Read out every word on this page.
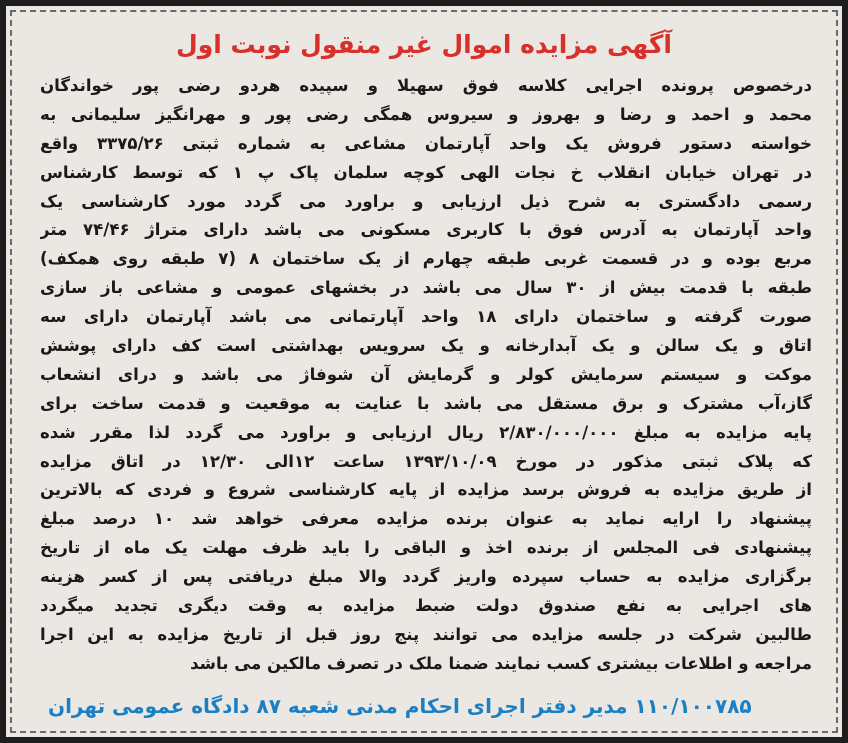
آگهی مزایده اموال غیر منقول نوبت اول
درخصوص پرونده اجرایی کلاسه فوق سهیلا و سپیده هردو رضی پور خواندگان
محمد و احمد و رضا و بهروز و سیروس همگی رضی پور و مهرانگیز سلیمانی به
خواسته دستور فروش یک واحد آپارتمان مشاعی به شماره ثبتی ۳۳۷۵/۲۶ واقع
در تهران خیابان انقلاب خ نجات الهی کوچه سلمان پاک پ ۱ که توسط کارشناس
رسمی دادگستری به شرح ذیل ارزیابی و براورد می گردد مورد کارشناسی یک
واحد آپارتمان به آدرس فوق با کاربری مسکونی می باشد دارای متراژ ۷۴/۴۶ متر
مربع بوده و در قسمت غربی طبقه چهارم از یک ساختمان ۸ (۷ طبقه روی همکف)
طبقه با قدمت بیش از ۳۰ سال می باشد در بخشهای عمومی و مشاعی باز سازی
صورت گرفته و ساختمان دارای ۱۸ واحد آپارتمانی می باشد آپارتمان دارای سه
اتاق و یک سالن و یک آبدارخانه و یک سرویس بهداشتی است کف دارای پوشش
موکت و سیستم سرمایش کولر و گرمایش آن شوفاژ می باشد و درای انشعاب
گاز،آب مشترک و برق مستقل می باشد با عنایت به موقعیت و قدمت ساخت برای
پایه مزایده به مبلغ ۲/۸۳۰/۰۰۰/۰۰۰ ریال ارزیابی و براورد می گردد لذا مقرر شده
که پلاک ثبتی مذکور در مورخ ۱۳۹۳/۱۰/۰۹ ساعت ۱۲الی ۱۲/۳۰ در اتاق مزایده
از طریق مزایده به فروش برسد مزایده از پایه کارشناسی شروع و فردی که بالاترین
پیشنهاد را ارایه نماید به عنوان برنده مزایده معرفی خواهد شد ۱۰ درصد مبلغ
پیشنهادی فی المجلس از برنده اخذ و الباقی را باید ظرف مهلت یک ماه از تاریخ
برگزاری مزایده به حساب سپرده واریز گردد والا مبلغ دریافتی پس از کسر هزینه
های اجرایی به نفع صندوق دولت ضبط مزایده به وقت دیگری تجدید میگردد
طالبین شرکت در جلسه مزایده می توانند پنج روز قبل از تاریخ مزایده به این اجرا
مراجعه و اطلاعات بیشتری کسب نمایند ضمنا ملک در تصرف مالکین می باشد
۱۱۰/۱۰۰۷۸۵ مدیر دفتر اجرای احکام مدنی شعبه ۸۷ دادگاه عمومی تهران
